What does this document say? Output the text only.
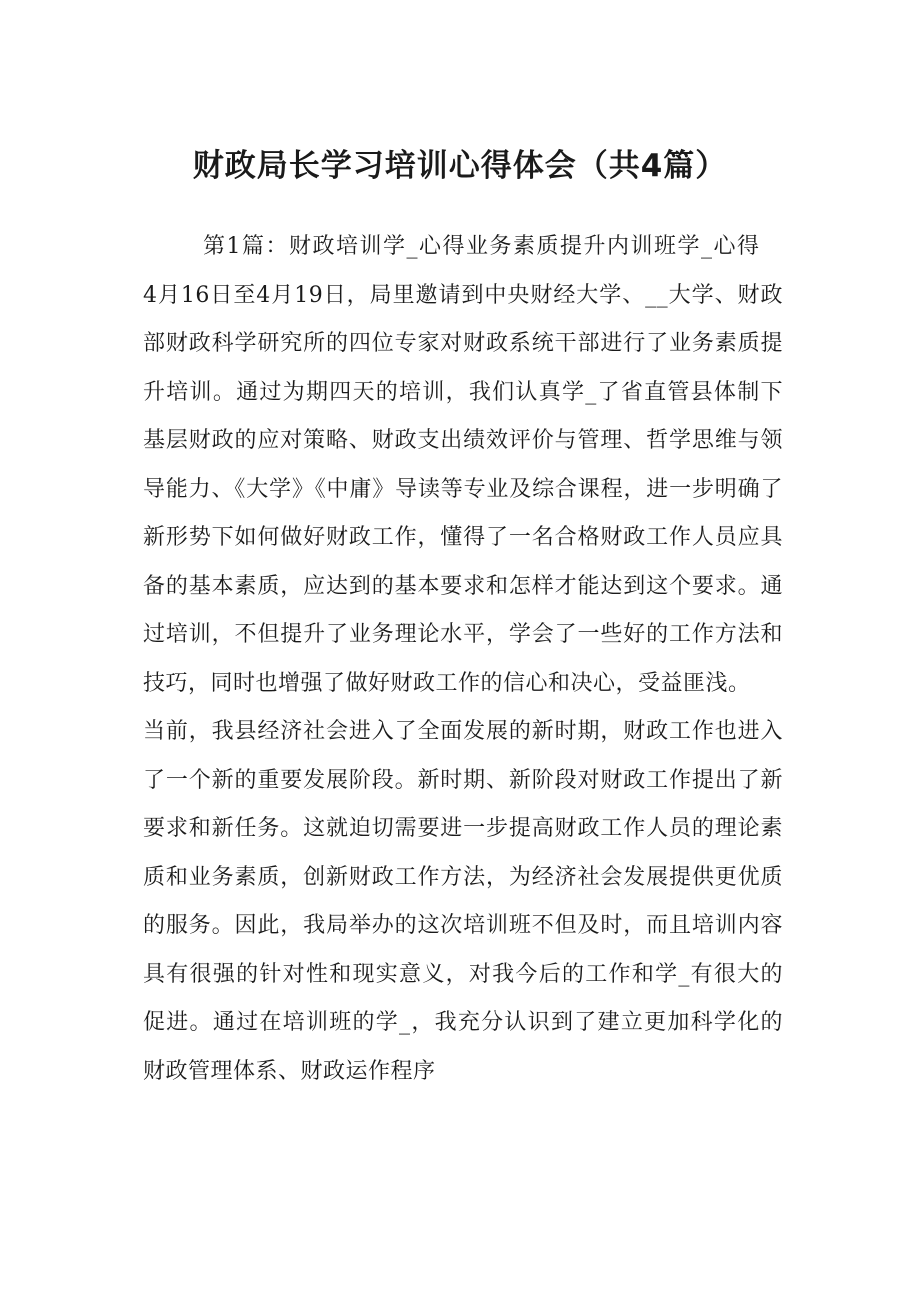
财政局长学习培训心得体会（共4篇）

第1篇：财政培训学_心得业务素质提升内训班学_心得

4月16日至4月19日，局里邀请到中央财经大学、__大学、财政部财政科学研究所的四位专家对财政系统干部进行了业务素质提升培训。通过为期四天的培训，我们认真学_了省直管县体制下基层财政的应对策略、财政支出绩效评价与管理、哲学思维与领导能力、《大学》《中庸》导读等专业及综合课程，进一步明确了新形势下如何做好财政工作，懂得了一名合格财政工作人员应具备的基本素质，应达到的基本要求和怎样才能达到这个要求。通过培训，不但提升了业务理论水平，学会了一些好的工作方法和技巧，同时也增强了做好财政工作的信心和决心，受益匪浅。

当前，我县经济社会进入了全面发展的新时期，财政工作也进入了一个新的重要发展阶段。新时期、新阶段对财政工作提出了新要求和新任务。这就迫切需要进一步提高财政工作人员的理论素质和业务素质，创新财政工作方法，为经济社会发展提供更优质的服务。因此，我局举办的这次培训班不但及时，而且培训内容具有很强的针对性和现实意义，对我今后的工作和学_有很大的促进。通过在培训班的学_，我充分认识到了建立更加科学化的财政管理体系、财政运作程序
